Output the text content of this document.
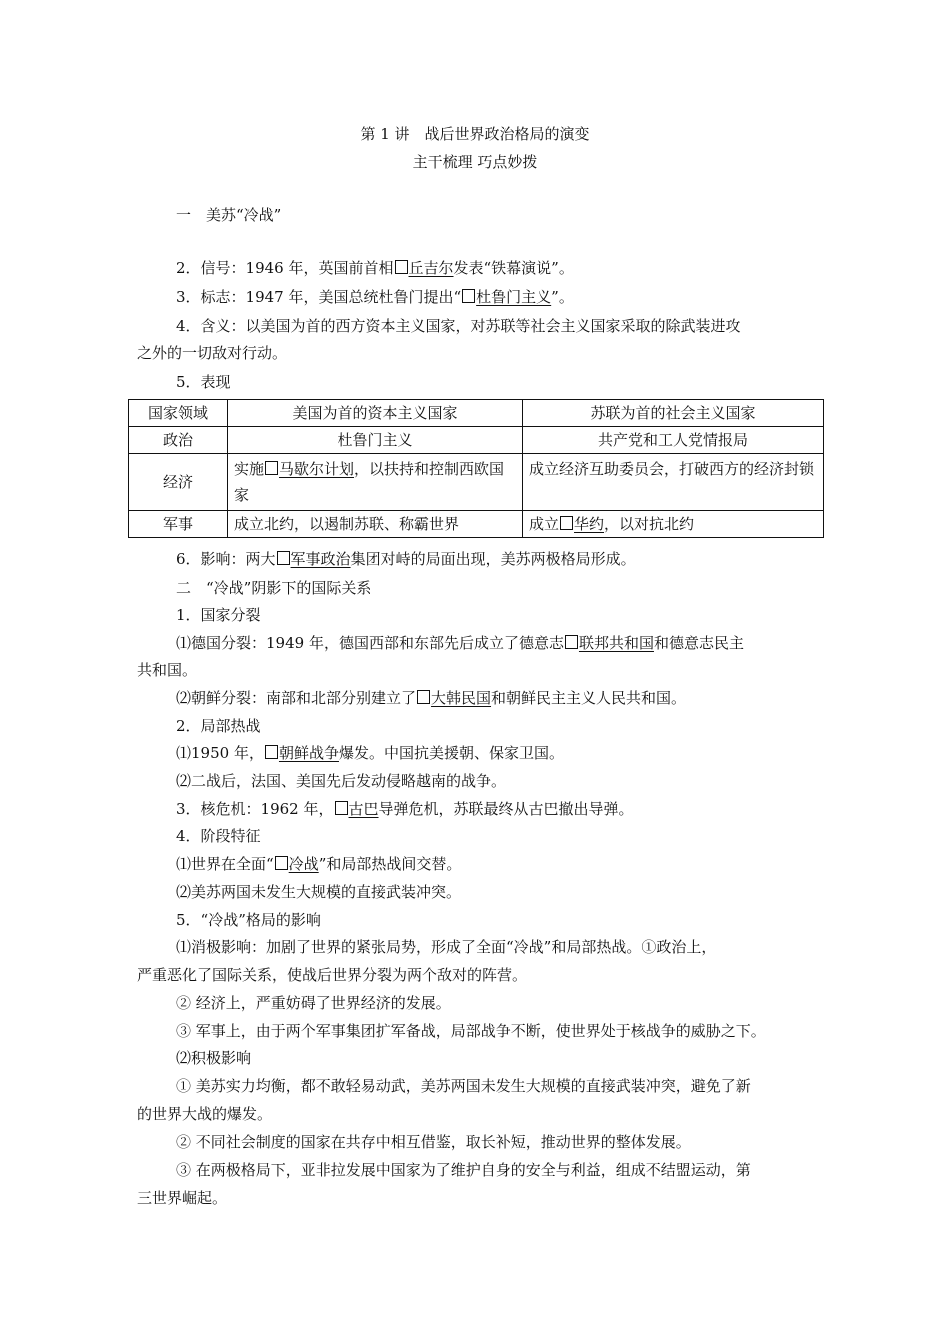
第 1 讲　战后世界政治格局的演变
主干梳理 巧点妙拨
一　美苏“冷战”
2．信号：1946 年，英国前首相 丘吉尔发表“铁幕演说”。
3．标志：1947 年，美国总统杜鲁门提出“ 杜鲁门主义”。
4．含义：以美国为首的西方资本主义国家，对苏联等社会主义国家采取的除武装进攻
之外的一切敌对行动。
5．表现
国家领域	美国为首的资本主义国家	苏联为首的社会主义国家
政治	杜鲁门主义	共产党和工人党情报局
经济	实施 马歇尔计划，以扶持和控制西欧国家	成立经济互助委员会，打破西方的经济封锁
军事	成立北约，以遏制苏联、称霸世界	成立 华约，以对抗北约
6．影响：两大 军事政治集团对峙的局面出现，美苏两极格局形成。
二　“冷战”阴影下的国际关系
1．国家分裂
⑴德国分裂：1949 年，德国西部和东部先后成立了德意志 联邦共和国和德意志民主
共和国。
⑵朝鲜分裂：南部和北部分别建立了 大韩民国和朝鲜民主主义人民共和国。
2．局部热战
⑴1950 年， 朝鲜战争爆发。中国抗美援朝、保家卫国。
⑵二战后，法国、美国先后发动侵略越南的战争。
3．核危机：1962 年， 古巴导弹危机，苏联最终从古巴撤出导弹。
4．阶段特征
⑴世界在全面“ 冷战”和局部热战间交替。
⑵美苏两国未发生大规模的直接武装冲突。
5．“冷战”格局的影响
⑴消极影响：加剧了世界的紧张局势，形成了全面“冷战”和局部热战。①政治上，
严重恶化了国际关系，使战后世界分裂为两个敌对的阵营。
② 经济上，严重妨碍了世界经济的发展。
③ 军事上，由于两个军事集团扩军备战，局部战争不断，使世界处于核战争的威胁之下。
⑵积极影响
① 美苏实力均衡，都不敢轻易动武，美苏两国未发生大规模的直接武装冲突，避免了新
的世界大战的爆发。
② 不同社会制度的国家在共存中相互借鉴，取长补短，推动世界的整体发展。
③ 在两极格局下，亚非拉发展中国家为了维护自身的安全与利益，组成不结盟运动，第
三世界崛起。
